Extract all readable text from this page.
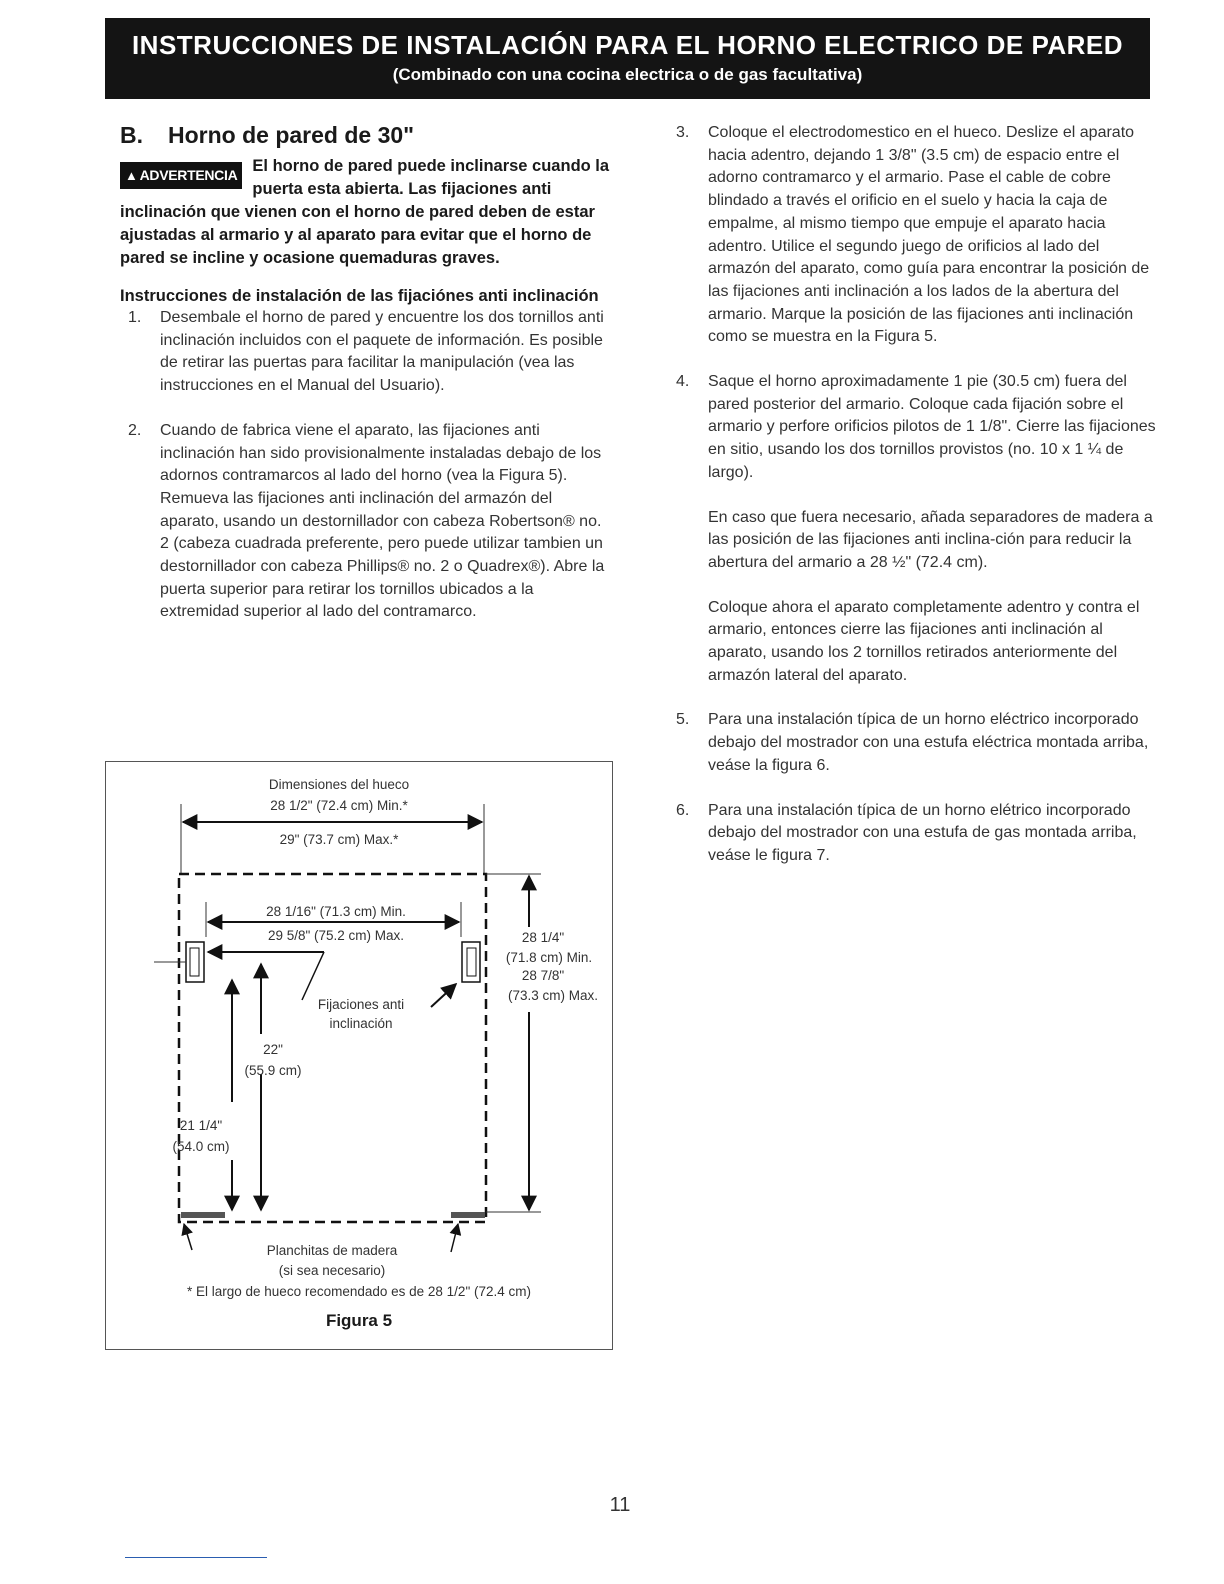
INSTRUCCIONES DE INSTALACIÓN PARA EL HORNO ELECTRICO DE PARED
(Combinado con una cocina electrica o de gas facultativa)
B. Horno de pared de 30"
▲ ADVERTENCIA El horno de pared puede inclinarse cuando la puerta esta abierta. Las fijaciones anti inclinación que vienen con el horno de pared deben de estar ajustadas al armario y al aparato para evitar que el horno de pared se incline y ocasione quemaduras graves.
Instrucciones de instalación de las fijaciónes anti inclinación
1. Desembale el horno de pared y encuentre los dos tornillos anti inclinación incluidos con el paquete de información. Es posible de retirar las puertas para facilitar la manipulación (vea las instrucciones en el Manual del Usuario).

2. Cuando de fabrica viene el aparato, las fijaciones anti inclinación han sido provisionalmente instaladas debajo de los adornos contramarcos al lado del horno (vea la Figura 5). Remueva las fijaciones anti inclinación del armazón del aparato, usando un destornillador con cabeza Robertson® no. 2 (cabeza cuadrada preferente, pero puede utilizar tambien un destornillador con cabeza Phillips® no. 2 o Quadrex®). Abre la puerta superior para retirar los tornillos ubicados a la extremidad superior al lado del contramarco.

3. Coloque el electrodomestico en el hueco. Deslize el aparato hacia adentro, dejando 1 3/8" (3.5 cm) de espacio entre el adorno contramarco y el armario. Pase el cable de cobre blindado a través el orificio en el suelo y hacia la caja de empalme, al mismo tiempo que empuje el aparato hacia adentro. Utilice el segundo juego de orificios al lado del armazón del aparato, como guía para encontrar la posición de las fijaciones anti inclinación a los lados de la abertura del armario. Marque la posición de las fijaciones anti inclinación como se muestra en la Figura 5.

4. Saque el horno aproximadamente 1 pie (30.5 cm) fuera del pared posterior del armario. Coloque cada fijación sobre el armario y perfore orificios pilotos de 1 1/8". Cierre las fijaciones en sitio, usando los dos tornillos provistos (no. 10 x 1 ¼ de largo).

En caso que fuera necesario, añada separadores de madera a las posición de las fijaciones anti inclina-ción para reducir la abertura del armario a 28 ½" (72.4 cm).

Coloque ahora el aparato completamente adentro y contra el armario, entonces cierre las fijaciones anti inclinación al aparato, usando los 2 tornillos retirados anteriormente del armazón lateral del aparato.

5. Para una instalación típica de un horno eléctrico incorporado debajo del mostrador con una estufa eléctrica montada arriba, veáse la figura 6.

6. Para una instalación típica de un horno elétrico incorporado debajo del mostrador con una estufa de gas montada arriba, veáse le figura 7.

Dimensiones del hueco
28 1/2" (72.4 cm) Min.*
29" (73.7 cm) Max.*
28 1/16" (71.3 cm) Min.
29 5/8" (75.2 cm) Max.
Fijaciones anti
inclinación
28 1/4"
(71.8 cm) Min.
28 7/8"
(73.3 cm) Max.
22"
(55.9 cm)
21 1/4"
(54.0 cm)
Planchitas de madera
(si sea necesario)
* El largo de hueco recomendado es de 28 1/2" (72.4 cm)
Figura 5
11
